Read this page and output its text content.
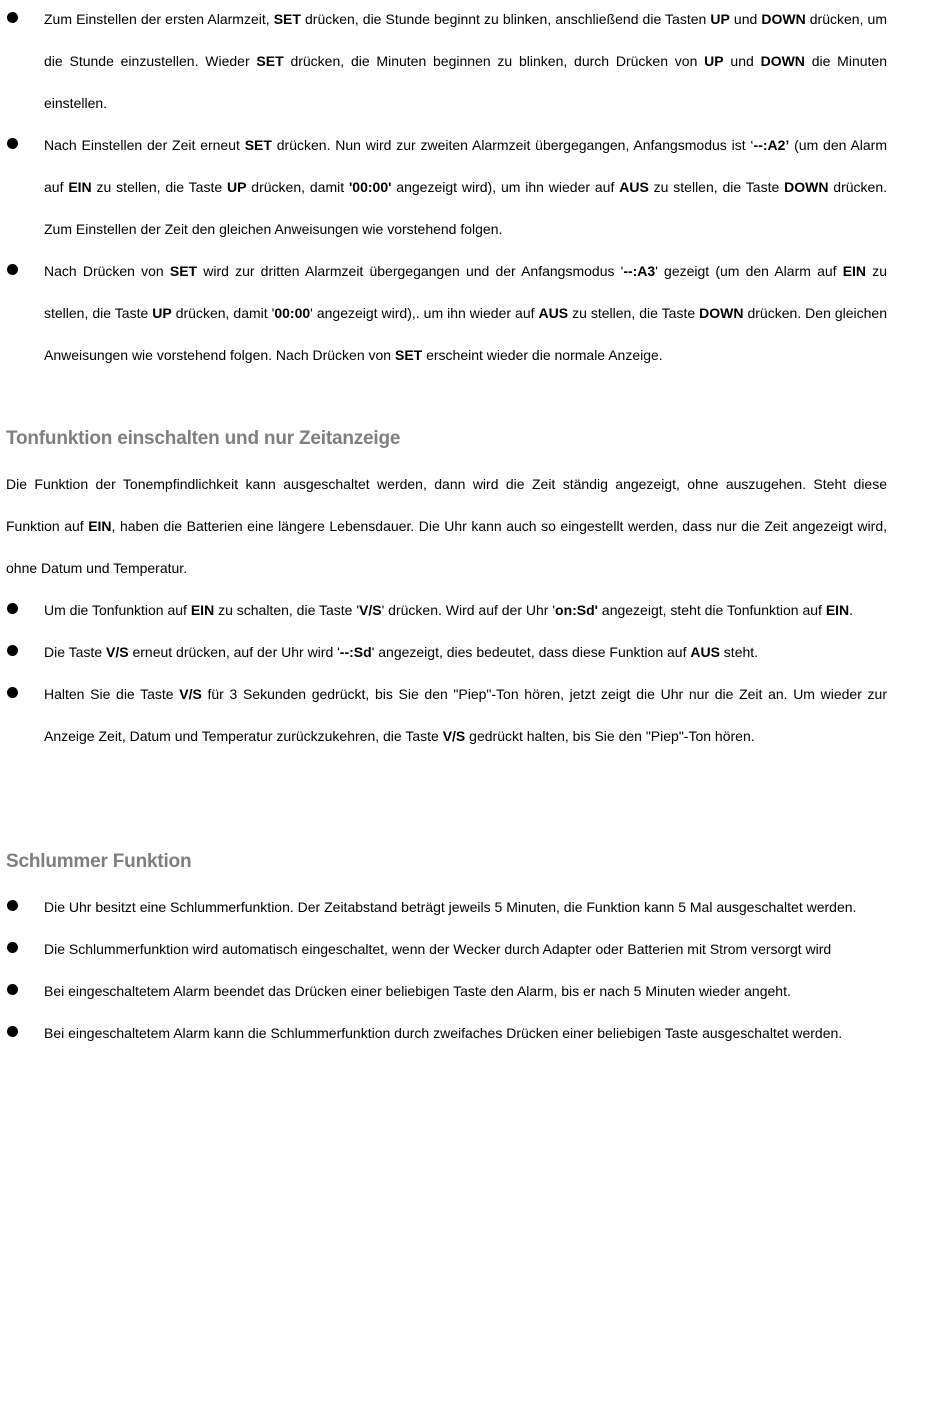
Zum Einstellen der ersten Alarmzeit, SET drücken, die Stunde beginnt zu blinken, anschließend die Tasten UP und DOWN drücken, um die Stunde einzustellen. Wieder SET drücken, die Minuten beginnen zu blinken, durch Drücken von UP und DOWN die Minuten einstellen.
Nach Einstellen der Zeit erneut SET drücken. Nun wird zur zweiten Alarmzeit übergegangen, Anfangsmodus ist ‘--:A2’ (um den Alarm auf EIN zu stellen, die Taste UP drücken, damit '00:00' angezeigt wird), um ihn wieder auf AUS zu stellen, die Taste DOWN drücken. Zum Einstellen der Zeit den gleichen Anweisungen wie vorstehend folgen.
Nach Drücken von SET wird zur dritten Alarmzeit übergegangen und der Anfangsmodus '--:A3' gezeigt (um den Alarm auf EIN zu stellen, die Taste UP drücken, damit '00:00' angezeigt wird),. um ihn wieder auf AUS zu stellen, die Taste DOWN drücken. Den gleichen Anweisungen wie vorstehend folgen. Nach Drücken von SET erscheint wieder die normale Anzeige.
Tonfunktion einschalten und nur Zeitanzeige

Die Funktion der Tonempfindlichkeit kann ausgeschaltet werden, dann wird die Zeit ständig angezeigt, ohne auszugehen. Steht diese Funktion auf EIN, haben die Batterien eine längere Lebensdauer. Die Uhr kann auch so eingestellt werden, dass nur die Zeit angezeigt wird, ohne Datum und Temperatur.

Um die Tonfunktion auf EIN zu schalten, die Taste 'V/S' drücken. Wird auf der Uhr 'on:Sd' angezeigt, steht die Tonfunktion auf EIN.
Die Taste V/S erneut drücken, auf der Uhr wird '--:Sd' angezeigt, dies bedeutet, dass diese Funktion auf AUS steht.
Halten Sie die Taste V/S für 3 Sekunden gedrückt, bis Sie den "Piep"-Ton hören, jetzt zeigt die Uhr nur die Zeit an. Um wieder zur Anzeige Zeit, Datum und Temperatur zurückzukehren, die Taste V/S gedrückt halten, bis Sie den "Piep"-Ton hören.
Schlummer Funktion
Die Uhr besitzt eine Schlummerfunktion. Der Zeitabstand beträgt jeweils 5 Minuten, die Funktion kann 5 Mal ausgeschaltet werden.
Die Schlummerfunktion wird automatisch eingeschaltet, wenn der Wecker durch Adapter oder Batterien mit Strom versorgt wird
Bei eingeschaltetem Alarm beendet das Drücken einer beliebigen Taste den Alarm, bis er nach 5 Minuten wieder angeht.
Bei eingeschaltetem Alarm kann die Schlummerfunktion durch zweifaches Drücken einer beliebigen Taste ausgeschaltet werden.
